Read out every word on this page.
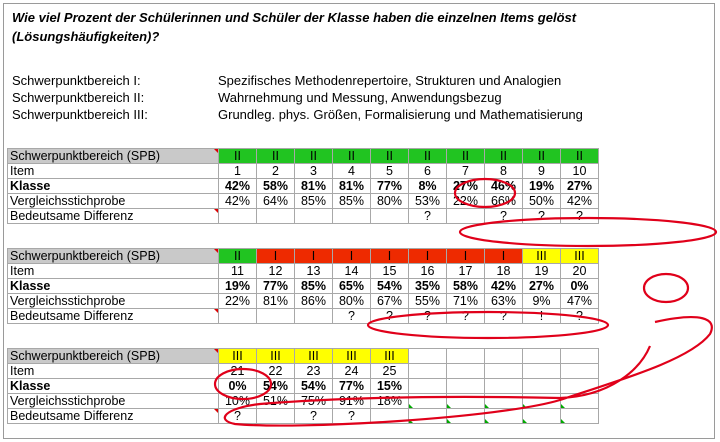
Wie viel Prozent der Schülerinnen und Schüler der Klasse haben die einzelnen Items gelöst (Lösungshäufigkeiten)?
Schwerpunktbereich I:	Spezifisches Methodenrepertoire, Strukturen und Analogien
Schwerpunktbereich II:	Wahrnehmung und Messung, Anwendungsbezug
Schwerpunktbereich III:	Grundleg. phys. Größen, Formalisierung und Mathematisierung
Schwerpunktbereich (SPB)	II	II	II	II	II	II	II	II	II	II
Item	1	2	3	4	5	6	7	8	9	10
Klasse	42%	58%	81%	81%	77%	8%	27%	46%	19%	27%
Vergleichsstichprobe	42%	64%	85%	85%	80%	53%	22%	66%	50%	42%
Bedeutsame Differenz						?		?	?	?
Schwerpunktbereich (SPB)	II	I	I	I	I	I	I	I	III	III
Item	11	12	13	14	15	16	17	18	19	20
Klasse	19%	77%	85%	65%	54%	35%	58%	42%	27%	0%
Vergleichsstichprobe	22%	81%	86%	80%	67%	55%	71%	63%	9%	47%
Bedeutsame Differenz				?	?	?	?	?	!	?
Schwerpunktbereich (SPB)	III	III	III	III	III					
Item	21	22	23	24	25					
Klasse	0%	54%	54%	77%	15%					
Vergleichsstichprobe	10%	51%	75%	91%	18%	

Bedeutsame Differenz	?		?	?		
